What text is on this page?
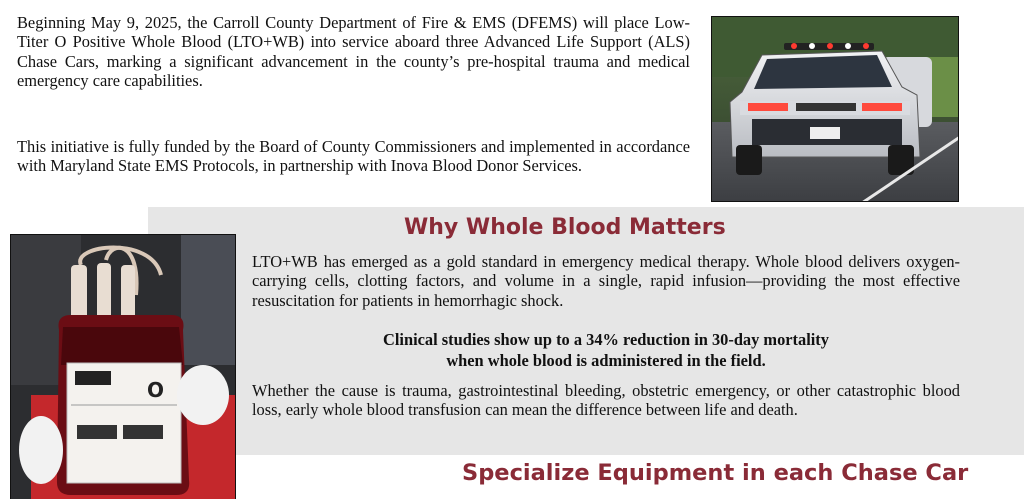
Beginning May 9, 2025, the Carroll County Department of Fire & EMS (DFEMS) will place Low-Titer O Positive Whole Blood (LTO+WB) into service aboard three Advanced Life Support (ALS) Chase Cars, marking a significant advancement in the county’s pre-hospital trauma and medical emergency care capabilities.

This initiative is fully funded by the Board of County Commissioners and implemented in accordance with Maryland State EMS Protocols, in partnership with Inova Blood Donor Services.

Why Whole Blood Matters

LTO+WB has emerged as a gold standard in emergency medical therapy. Whole blood delivers oxygen-carrying cells, clotting factors, and volume in a single, rapid infusion—providing the most effective resuscitation for patients in hemorrhagic shock.

Clinical studies show up to a 34% reduction in 30-day mortality
when whole blood is administered in the field.

Whether the cause is trauma, gastrointestinal bleeding, obstetric emergency, or other catastrophic blood loss, early whole blood transfusion can mean the difference between life and death.

Specialize Equipment in each Chase Car
O
